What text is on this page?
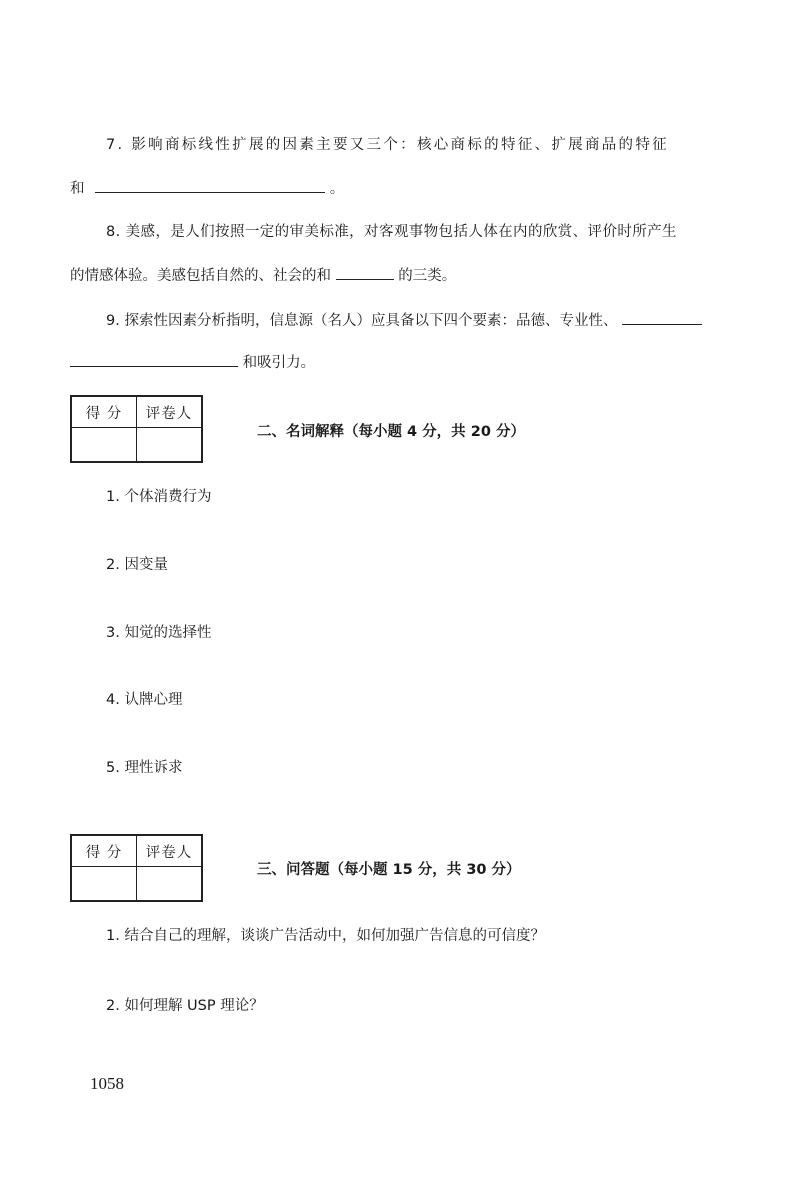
7. 影响商标线性扩展的因素主要又三个：核心商标的特征、扩展商品的特征
和	。
8. 美感，是人们按照一定的审美标准，对客观事物包括人体在内的欣赏、评价时所产生
的情感体验。美感包括自然的、社会的和	的三类。
9. 探索性因素分析指明，信息源（名人）应具备以下四个要素：品德、专业性、
和吸引力。
得 分	评卷人

二、名词解释（每小题 4 分，共 20 分）
1. 个体消费行为
2. 因变量
3. 知觉的选择性
4. 认牌心理
5. 理性诉求
得 分	评卷人

三、问答题（每小题 15 分，共 30 分）
1. 结合自己的理解，谈谈广告活动中，如何加强广告信息的可信度？
2. 如何理解 USP 理论？
1058
